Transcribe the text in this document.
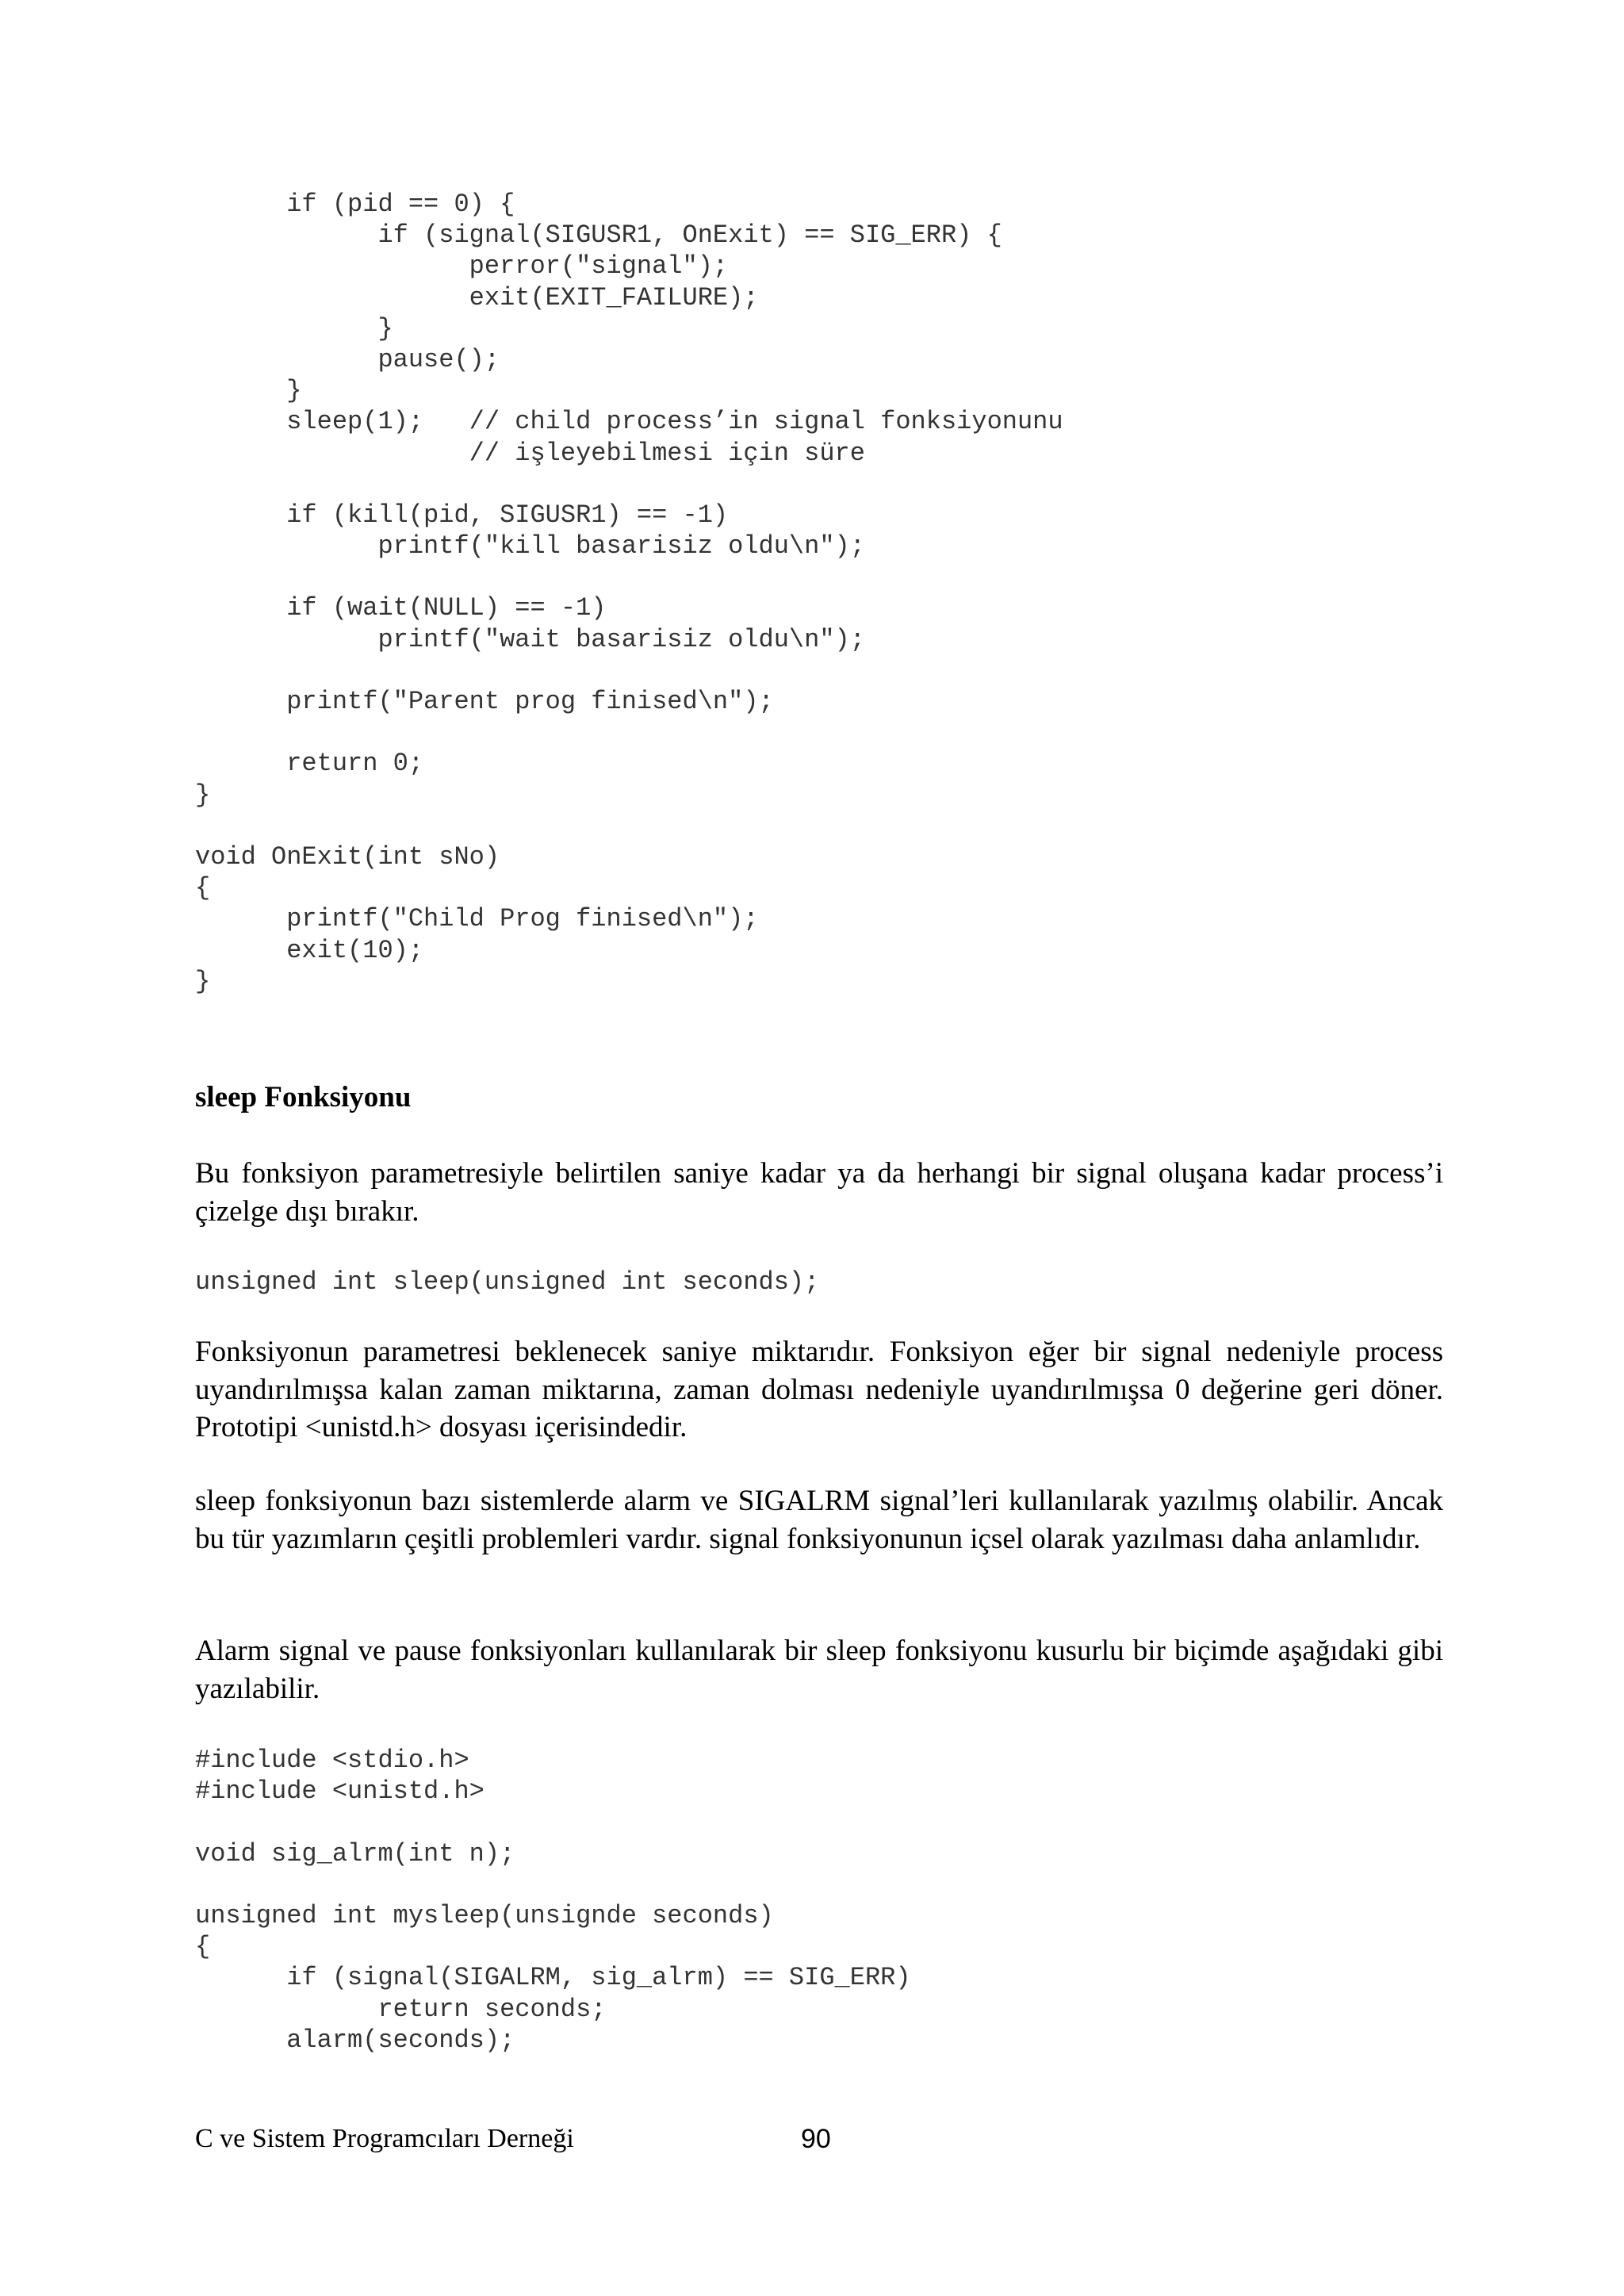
if (pid == 0) {
if (signal(SIGUSR1, OnExit) == SIG_ERR) {
perror("signal");
exit(EXIT_FAILURE);
}
pause();
}
sleep(1);   // child process’in signal fonksiyonunu
// işleyebilmesi için süre
if (kill(pid, SIGUSR1) == -1)
printf("kill basarisiz oldu\n");
if (wait(NULL) == -1)
printf("wait basarisiz oldu\n");
printf("Parent prog finised\n");
return 0;
}
void OnExit(int sNo)
{
printf("Child Prog finised\n");
exit(10);
}
sleep Fonksiyonu

Bu fonksiyon parametresiyle belirtilen saniye kadar ya da herhangi bir signal oluşana kadar process’i çizelge dışı bırakır.

unsigned int sleep(unsigned int seconds);

Fonksiyonun parametresi beklenecek saniye miktarıdır. Fonksiyon eğer bir signal nedeniyle process uyandırılmışsa kalan zaman miktarına, zaman dolması nedeniyle uyandırılmışsa 0 değerine geri döner. Prototipi <unistd.h> dosyası içerisindedir.

sleep fonksiyonun bazı sistemlerde alarm ve SIGALRM signal’leri kullanılarak yazılmış olabilir. Ancak bu tür yazımların çeşitli problemleri vardır. signal fonksiyonunun içsel olarak yazılması daha anlamlıdır.

Alarm signal ve pause fonksiyonları kullanılarak bir sleep fonksiyonu kusurlu bir biçimde aşağıdaki gibi yazılabilir.

#include <stdio.h>
#include <unistd.h>
void sig_alrm(int n);
unsigned int mysleep(unsignde seconds)
{
if (signal(SIGALRM, sig_alrm) == SIG_ERR)
return seconds;
alarm(seconds);
C ve Sistem Programcıları Derneği	90
